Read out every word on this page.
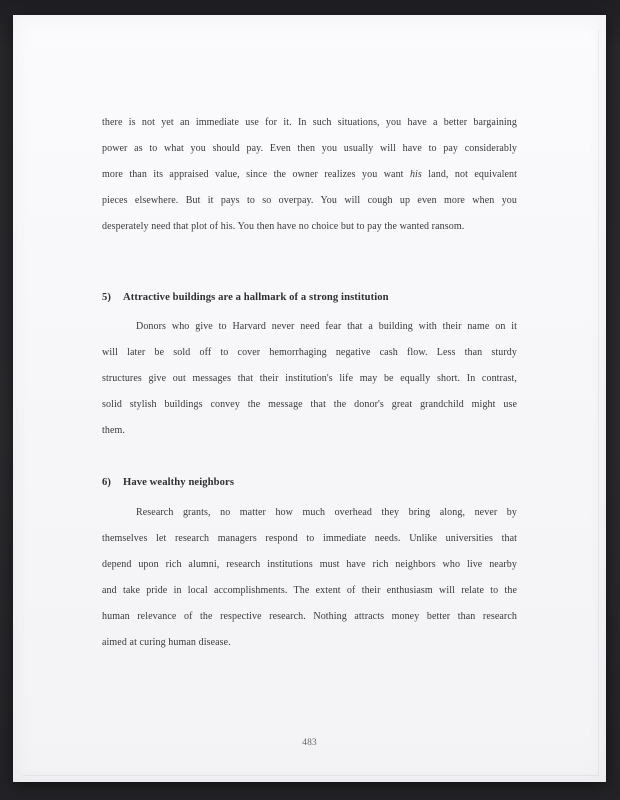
there is not yet an immediate use for it. In such situations, you have a better bargaining
power as to what you should pay. Even then you usually will have to pay considerably
more than its appraised value, since the owner realizes you want his land, not equivalent
pieces elsewhere. But it pays to so overpay. You will cough up even more when you
desperately need that plot of his. You then have no choice but to pay the wanted ransom.
5)	Attractive buildings are a hallmark of a strong institution
Donors who give to Harvard never need fear that a building with their name on it
will later be sold off to cover hemorrhaging negative cash flow. Less than sturdy
structures give out messages that their institution's life may be equally short. In contrast,
solid stylish buildings convey the message that the donor's great grandchild might use
them.
6)	Have wealthy neighbors
Research grants, no matter how much overhead they bring along, never by
themselves let research managers respond to immediate needs. Unlike universities that
depend upon rich alumni, research institutions must have rich neighbors who live nearby
and take pride in local accomplishments. The extent of their enthusiasm will relate to the
human relevance of the respective research. Nothing attracts money better than research
aimed at curing human disease.
483
